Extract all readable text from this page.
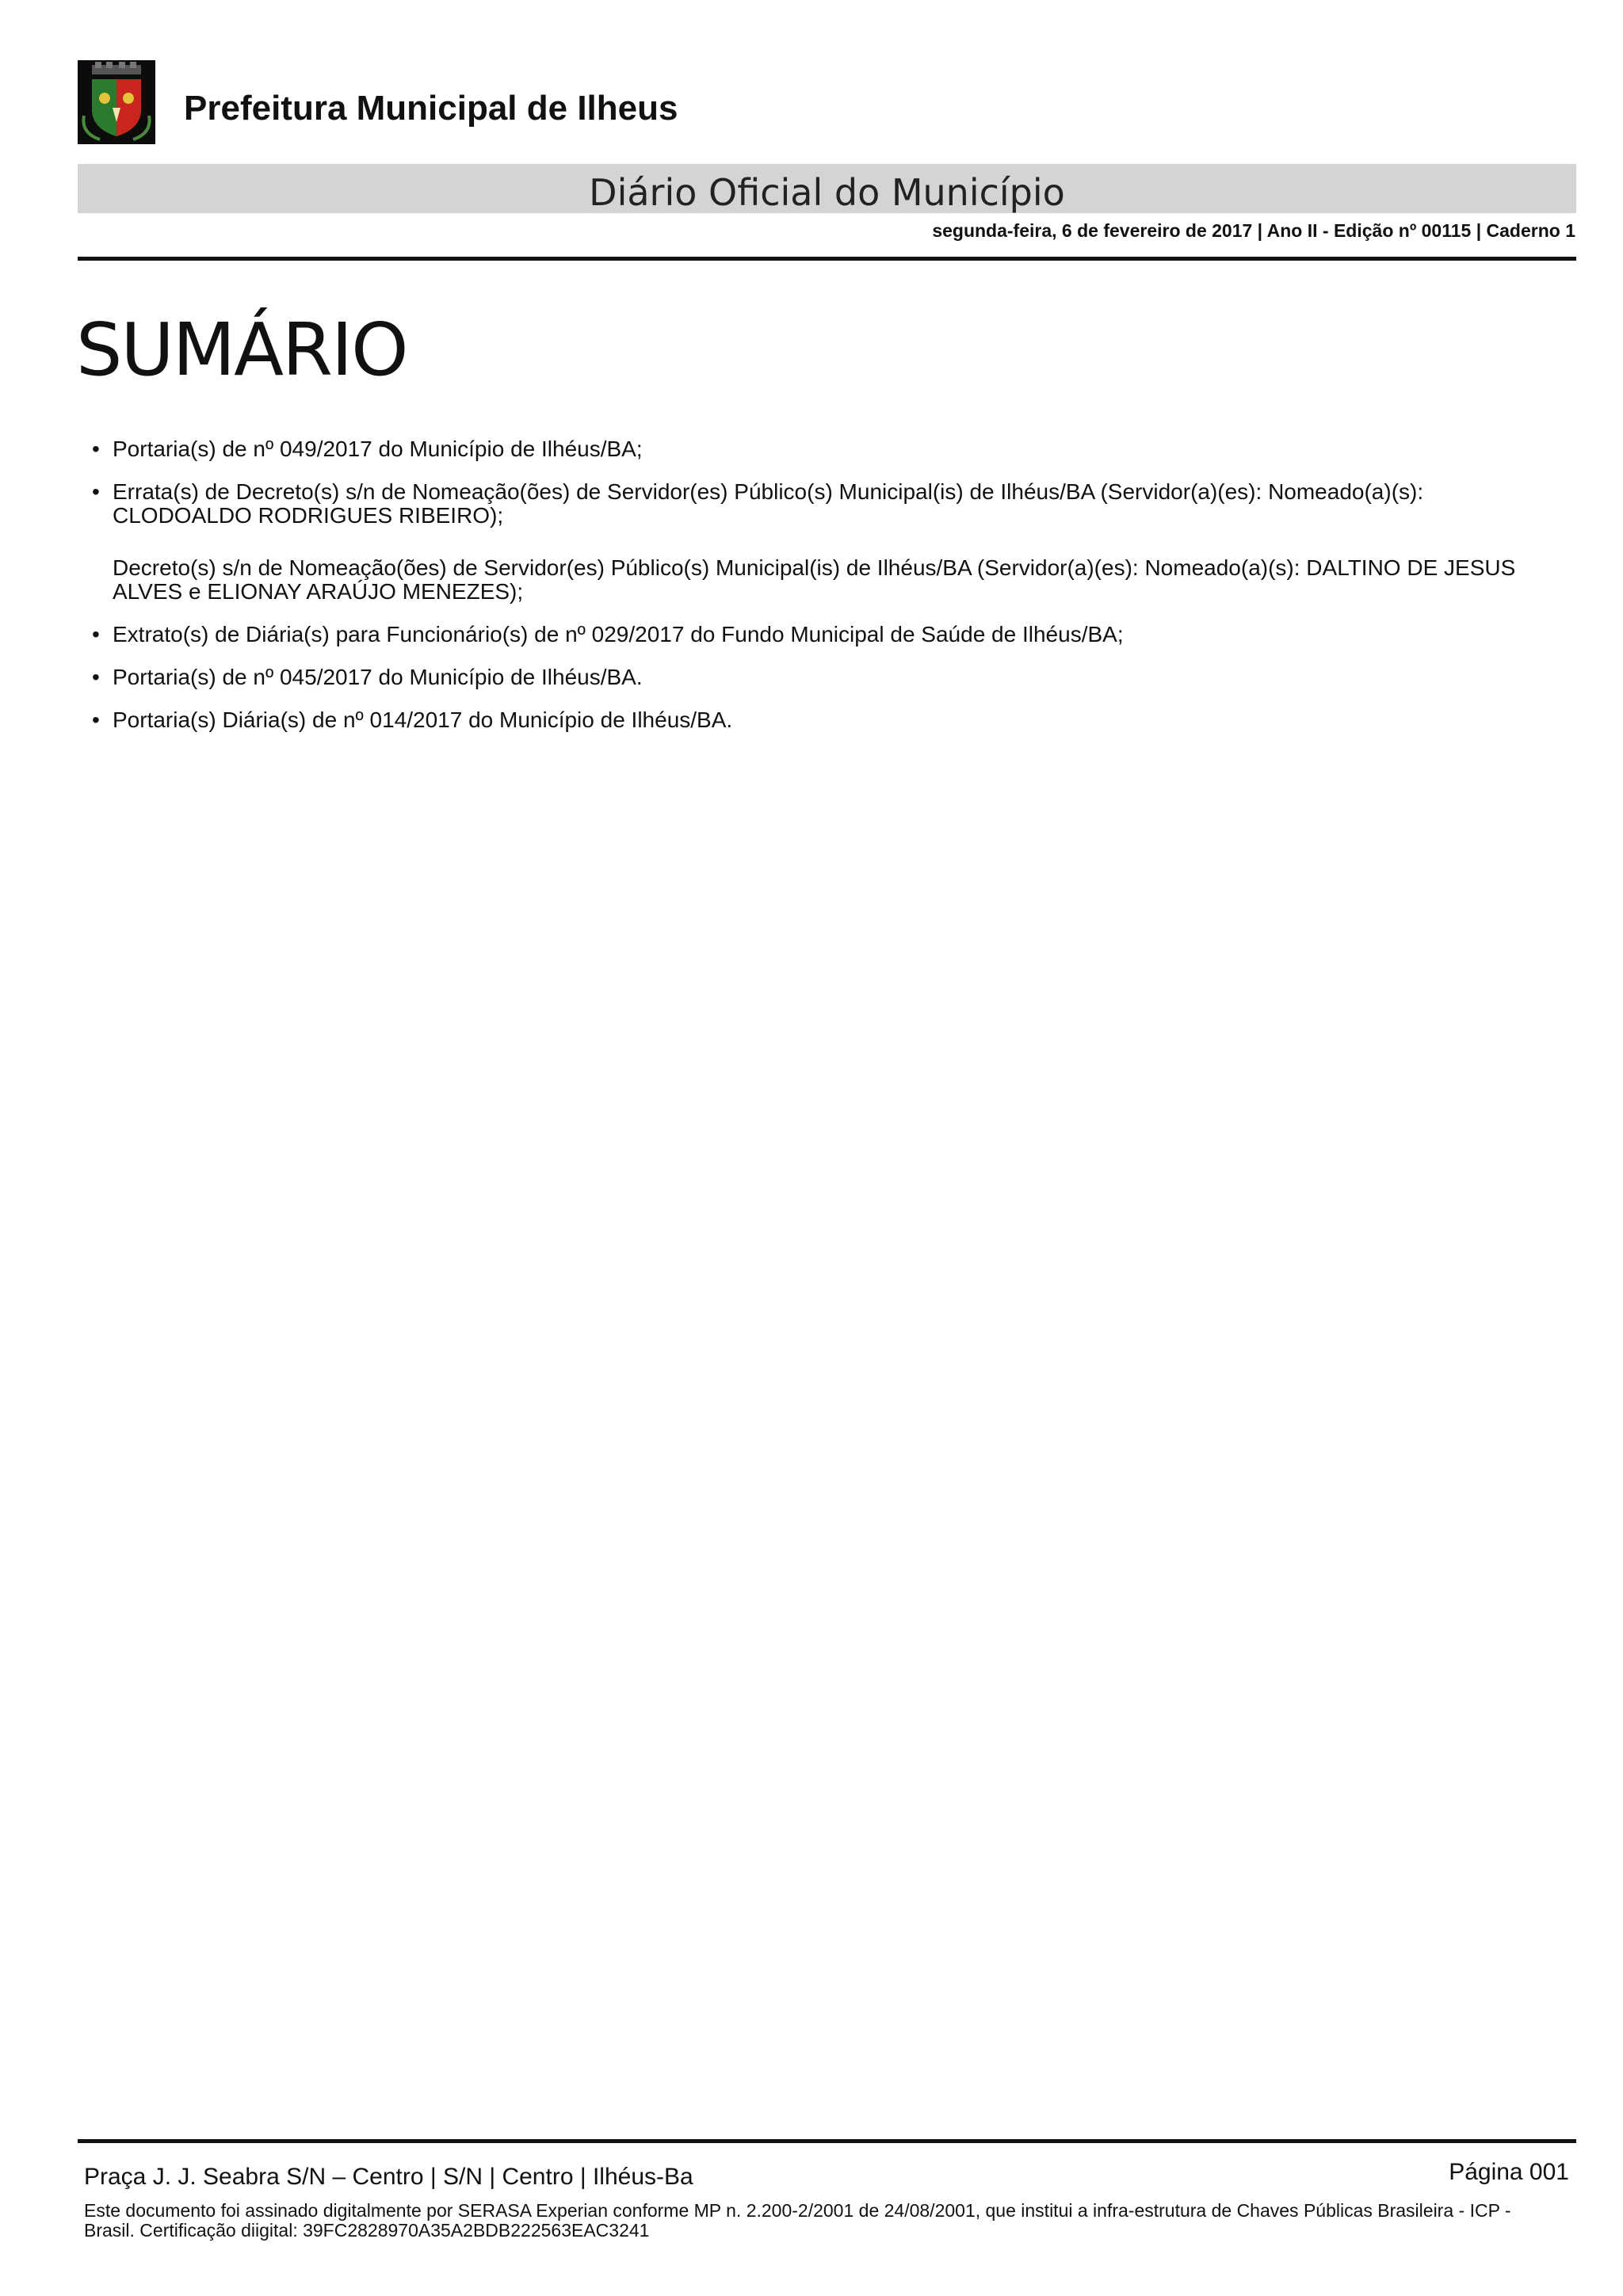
Prefeitura Municipal de Ilheus
Diário Oficial do Município
segunda-feira, 6 de fevereiro de 2017 | Ano II - Edição nº 00115 | Caderno 1
SUMÁRIO
• Portaria(s) de nº 049/2017 do Município de Ilhéus/BA;
• Errata(s) de Decreto(s) s/n de Nomeação(ões) de Servidor(es) Público(s) Municipal(is) de Ilhéus/BA (Servidor(a)(es): Nomeado(a)(s): CLODOALDO RODRIGUES RIBEIRO);
Decreto(s) s/n de Nomeação(ões) de Servidor(es) Público(s) Municipal(is) de Ilhéus/BA (Servidor(a)(es): Nomeado(a)(s): DALTINO DE JESUS ALVES e ELIONAY ARAÚJO MENEZES);
• Extrato(s) de Diária(s) para Funcionário(s) de nº 029/2017 do Fundo Municipal de Saúde de Ilhéus/BA;
• Portaria(s) de nº 045/2017 do Município de Ilhéus/BA.
• Portaria(s) Diária(s) de nº 014/2017 do Município de Ilhéus/BA.
Praça J. J. Seabra S/N – Centro | S/N | Centro | Ilhéus-Ba	Página 001
Este documento foi assinado digitalmente por SERASA Experian conforme MP n. 2.200-2/2001 de 24/08/2001, que institui a infra-estrutura de Chaves Públicas Brasileira - ICP - Brasil. Certificação diigital: 39FC2828970A35A2BDB222563EAC3241
